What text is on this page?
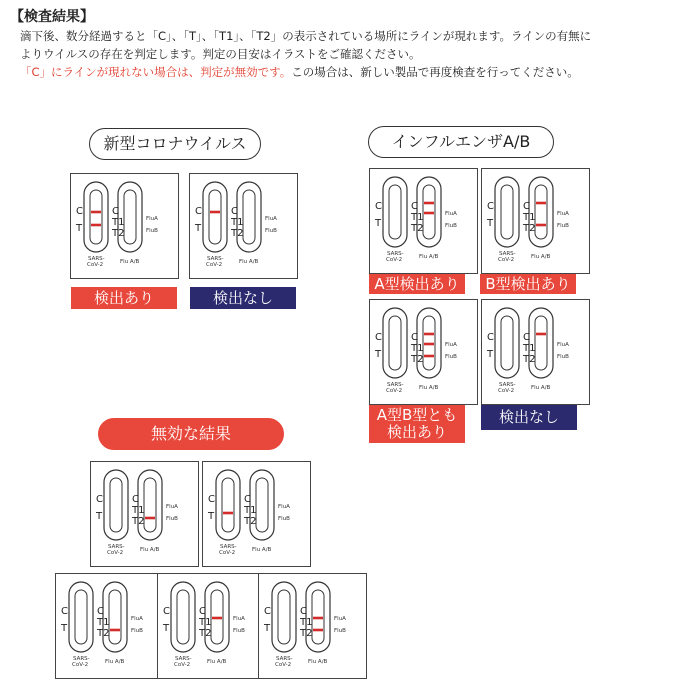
【検査結果】
滴下後、数分経過すると「C」、「T」、「T1」、「T2」の表示されている場所にラインが現れます。ラインの有無に
よりウイルスの存在を判定します。判定の目安はイラストをご確認ください。
「C」にラインが現れない場合は、判定が無効です。この場合は、新しい製品で再度検査を行ってください。
新型コロナウイルス	インフルエンザA/B
無効な結果
C
T
C
T1
T2
FluA
FluB
SARS-
CoV-2	Flu A/B
C
T
C
T1
T2
FluA
FluB
SARS-
CoV-2	Flu A/B
C
T
C
T1
T2
FluA
FluB
SARS-
CoV-2	Flu A/B
C
T
C
T1
T2
FluA
FluB
SARS-
CoV-2	Flu A/B
C
T
C
T1
T2
FluA
FluB
SARS-
CoV-2	Flu A/B
C
T
C
T1
T2
FluA
FluB
SARS-
CoV-2	Flu A/B
C
T
C
T1
T2
FluA
FluB
SARS-
CoV-2	Flu A/B
C
T
C
T1
T2
FluA
FluB
SARS-
CoV-2	Flu A/B
C
T
C
T1
T2
FluA
FluB
SARS-
CoV-2	Flu A/B
C
T
C
T1
T2
FluA
FluB
SARS-
CoV-2	Flu A/B
C
T
C
T1
T2
FluA
FluB
SARS-
CoV-2	Flu A/B
検出あり	検出なし
A型検出あり	B型検出あり
A型B型とも
検出あり
検出なし
